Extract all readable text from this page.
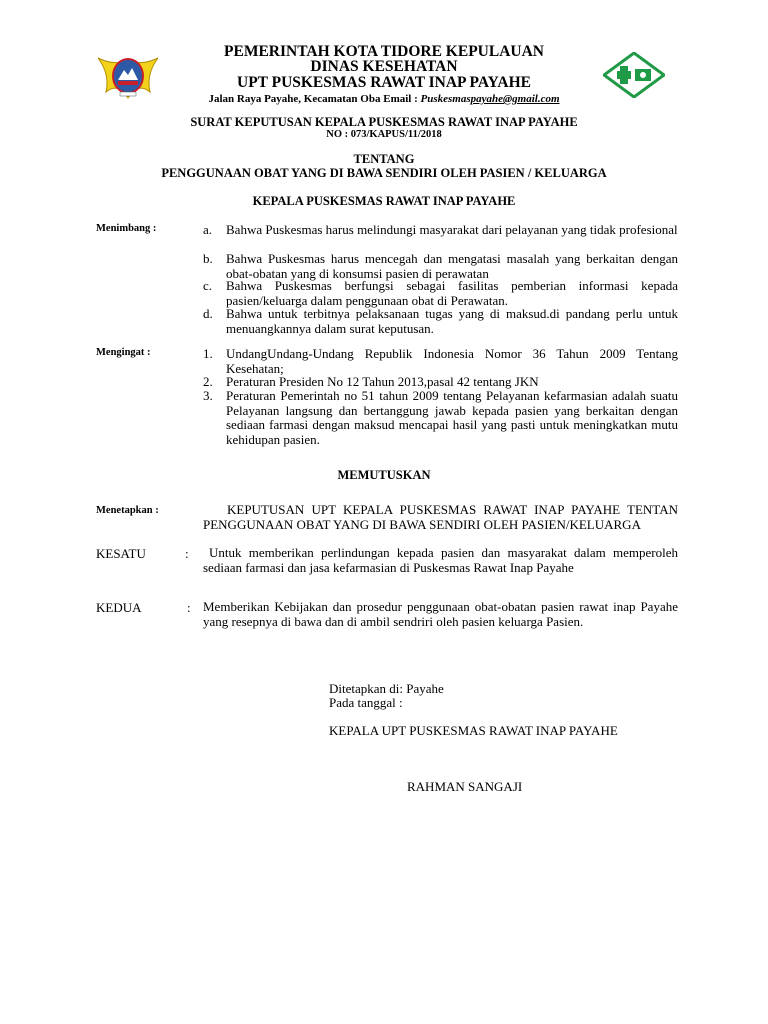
PEMERINTAH KOTA TIDORE KEPULAUAN
DINAS KESEHATAN
UPT PUSKESMAS RAWAT INAP PAYAHE
Jalan Raya Payahe, Kecamatan Oba Email : Puskesmaspayahe@gmail.com
SURAT KEPUTUSAN KEPALA PUSKESMAS RAWAT INAP PAYAHE
NO : 073/KAPUS/11/2018
TENTANG
PENGGUNAAN OBAT YANG DI BAWA SENDIRI OLEH PASIEN / KELUARGA
KEPALA PUSKESMAS RAWAT INAP PAYAHE
Menimbang :	a. Bahwa Puskesmas harus melindungi masyarakat dari pelayanan yang tidak profesional
b. Bahwa Puskesmas harus mencegah dan mengatasi masalah yang berkaitan dengan obat-obatan yang di konsumsi pasien di perawatan
c. Bahwa Puskesmas berfungsi sebagai fasilitas pemberian informasi kepada pasien/keluarga dalam penggunaan obat di Perawatan.
d. Bahwa untuk terbitnya pelaksanaan tugas yang di maksud.di pandang perlu untuk menuangkannya dalam surat keputusan.
Mengingat :	1. UndangUndang-Undang Republik Indonesia Nomor 36 Tahun 2009 Tentang Kesehatan;
2. Peraturan Presiden No 12 Tahun 2013,pasal 42 tentang JKN
3. Peraturan Pemerintah no 51 tahun 2009 tentang Pelayanan kefarmasian adalah suatu Pelayanan langsung dan bertanggung jawab kepada pasien yang berkaitan dengan sediaan farmasi dengan maksud mencapai hasil yang pasti untuk meningkatkan mutu kehidupan pasien.
MEMUTUSKAN
Menetapkan :	KEPUTUSAN UPT KEPALA PUSKESMAS RAWAT INAP PAYAHE TENTAN PENGGUNAAN OBAT YANG DI BAWA SENDIRI OLEH PASIEN/KELUARGA
KESATU	:	Untuk memberikan perlindungan kepada pasien dan masyarakat dalam memperoleh sediaan farmasi dan jasa kefarmasian di Puskesmas Rawat Inap Payahe
KEDUA	: Memberikan Kebijakan dan prosedur penggunaan obat-obatan pasien rawat inap Payahe yang resepnya di bawa dan di ambil sendriri oleh pasien keluarga Pasien.
Ditetapkan di: Payahe
Pada tanggal :
KEPALA UPT PUSKESMAS RAWAT INAP PAYAHE
RAHMAN SANGAJI
